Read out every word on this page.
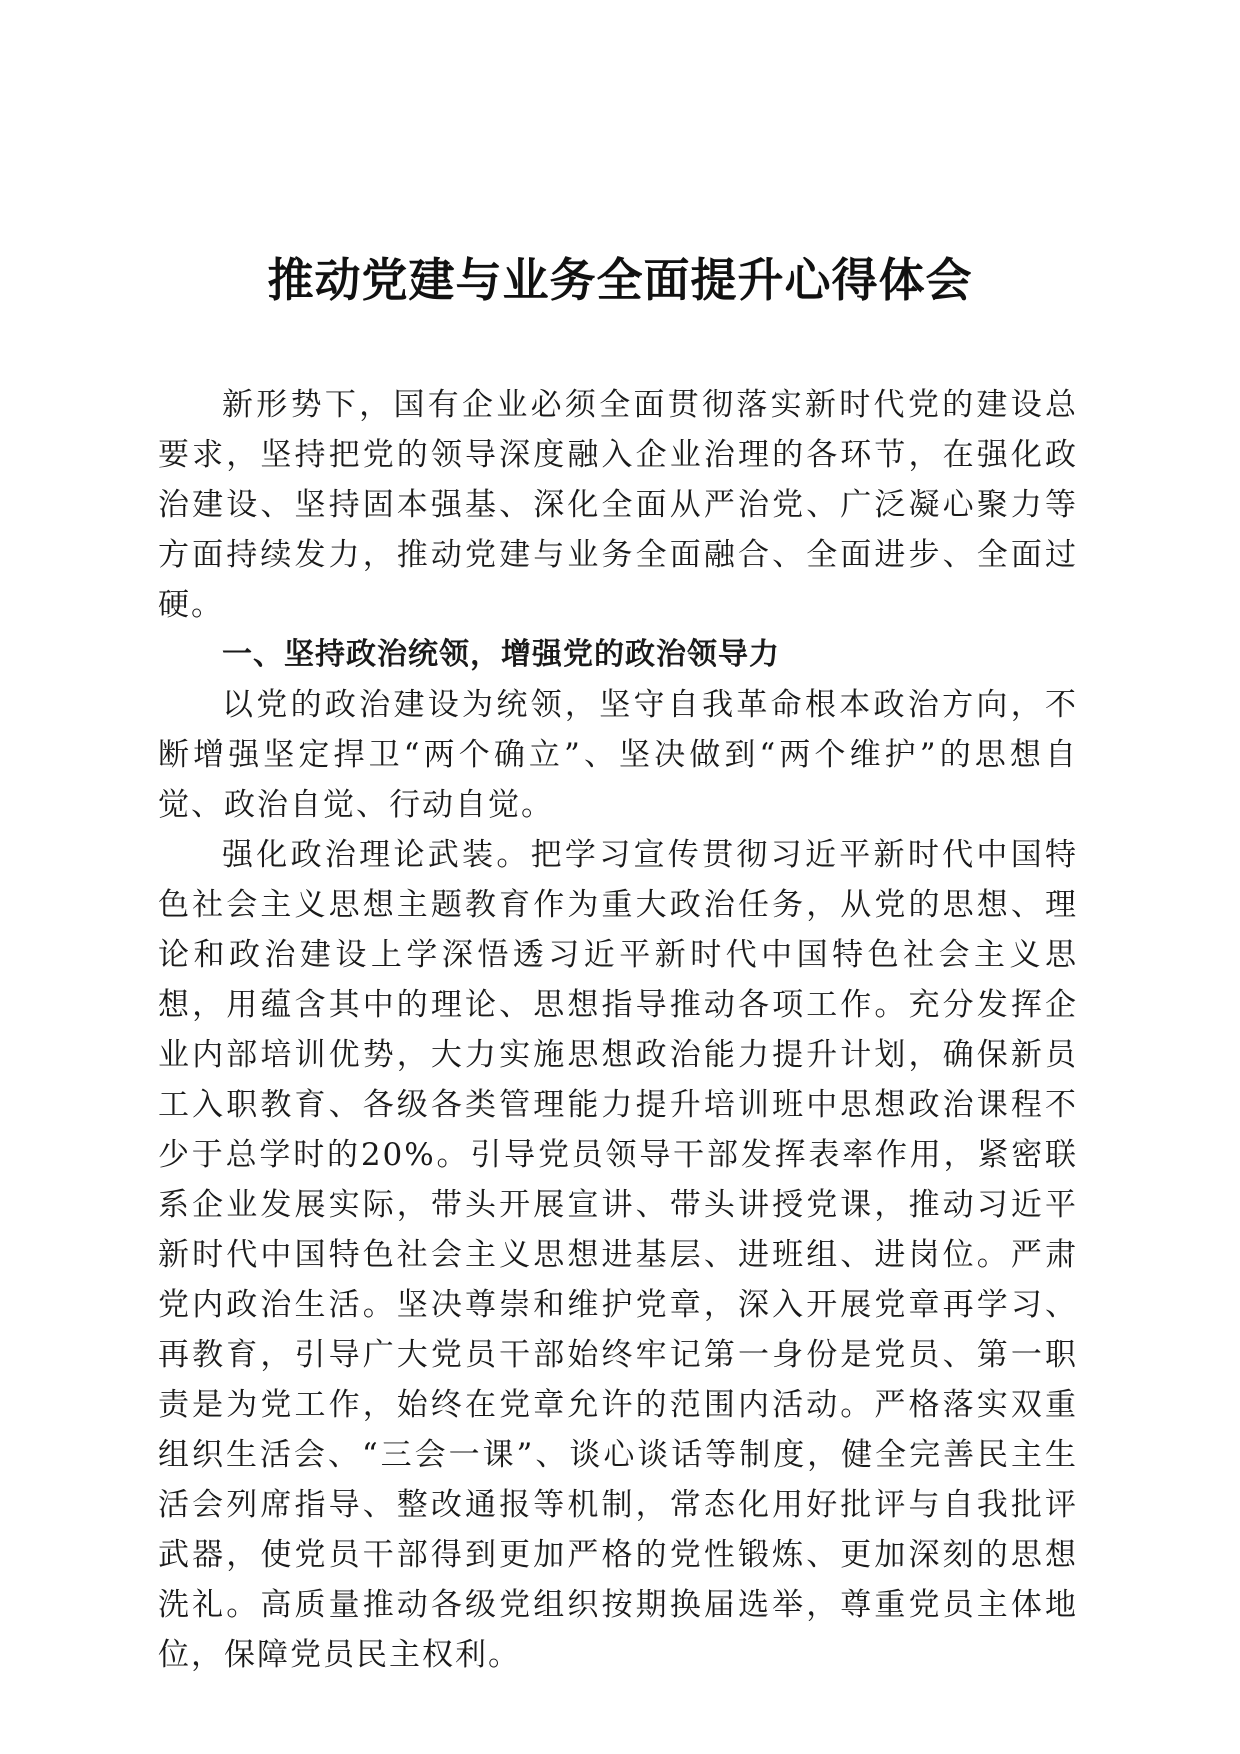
推动党建与业务全面提升心得体会

新形势下，国有企业必须全面贯彻落实新时代党的建设总要求，坚持把党的领导深度融入企业治理的各环节，在强化政治建设、坚持固本强基、深化全面从严治党、广泛凝心聚力等方面持续发力，推动党建与业务全面融合、全面进步、全面过硬。

一、坚持政治统领，增强党的政治领导力

以党的政治建设为统领，坚守自我革命根本政治方向，不断增强坚定捍卫“两个确立”、坚决做到“两个维护”的思想自觉、政治自觉、行动自觉。

强化政治理论武装。把学习宣传贯彻习近平新时代中国特色社会主义思想主题教育作为重大政治任务，从党的思想、理论和政治建设上学深悟透习近平新时代中国特色社会主义思想，用蕴含其中的理论、思想指导推动各项工作。充分发挥企业内部培训优势，大力实施思想政治能力提升计划，确保新员工入职教育、各级各类管理能力提升培训班中思想政治课程不少于总学时的20%。引导党员领导干部发挥表率作用，紧密联系企业发展实际，带头开展宣讲、带头讲授党课，推动习近平新时代中国特色社会主义思想进基层、进班组、进岗位。严肃党内政治生活。坚决尊崇和维护党章，深入开展党章再学习、再教育，引导广大党员干部始终牢记第一身份是党员、第一职责是为党工作，始终在党章允许的范围内活动。严格落实双重组织生活会、“三会一课”、谈心谈话等制度，健全完善民主生活会列席指导、整改通报等机制，常态化用好批评与自我批评武器，使党员干部得到更加严格的党性锻炼、更加深刻的思想洗礼。高质量推动各级党组织按期换届选举，尊重党员主体地位，保障党员民主权利。
